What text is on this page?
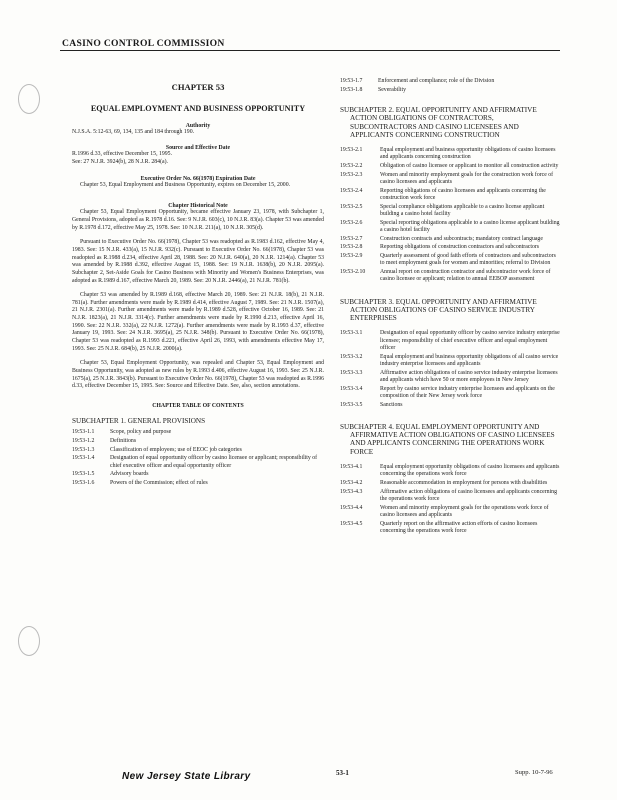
CASINO CONTROL COMMISSION
CHAPTER 53
EQUAL EMPLOYMENT AND BUSINESS OPPORTUNITY
Authority

N.J.S.A. 5:12-63, 69, 134, 135 and 184 through 190.

Source and Effective Date

R.1996 d.33, effective December 15, 1995.

See: 27 N.J.R. 3924(b), 28 N.J.R. 284(a).

Executive Order No. 66(1978) Expiration Date

Chapter 53, Equal Employment and Business Opportunity, expires on December 15, 2000.

Chapter Historical Note

Chapter 53, Equal Employment Opportunity, became effective January 23, 1978, with Subchapter 1, General Provisions, adopted as R.1978 d.16. See: 9 N.J.R. 603(c), 10 N.J.R. 83(a). Chapter 53 was amended by R.1978 d.172, effective May 25, 1978. See: 10 N.J.R. 211(a), 10 N.J.R. 305(d).

Pursuant to Executive Order No. 66(1978), Chapter 53 was readopted as R.1983 d.162, effective May 4, 1983. See: 15 N.J.R. 433(a), 15 N.J.R. 932(c). Pursuant to Executive Order No. 66(1978), Chapter 53 was readopted as R.1988 d.234, effective April 28, 1988. See: 20 N.J.R. 640(a), 20 N.J.R. 1214(a). Chapter 53 was amended by R.1988 d.392, effective August 15, 1988. See: 19 N.J.R. 1638(b), 20 N.J.R. 2095(a). Subchapter 2, Set-Aside Goals for Casino Business with Minority and Women's Business Enterprises, was adopted as R.1989 d.167, effective March 20, 1989. See: 20 N.J.R. 2446(a), 21 N.J.R. 781(b).

Chapter 53 was amended by R.1989 d.168, effective March 20, 1989. See: 21 N.J.R. 18(b), 21 N.J.R. 781(a). Further amendments were made by R.1989 d.414, effective August 7, 1989. See: 21 N.J.R. 1507(a), 21 N.J.R. 2301(a). Further amendments were made by R.1989 d.528, effective October 16, 1989. See: 21 N.J.R. 1823(a), 21 N.J.R. 3314(c). Further amendments were made by R.1990 d.213, effective April 16, 1990. See: 22 N.J.R. 332(a), 22 N.J.R. 1272(a). Further amendments were made by R.1993 d.37, effective January 19, 1993. See: 24 N.J.R. 3695(a), 25 N.J.R. 348(b). Pursuant to Executive Order No. 66(1978), Chapter 53 was readopted as R.1993 d.221, effective April 26, 1993, with amendments effective May 17, 1993. See: 25 N.J.R. 684(b), 25 N.J.R. 2000(a).

Chapter 53, Equal Employment Opportunity, was repealed and Chapter 53, Equal Employment and Business Opportunity, was adopted as new rules by R.1993 d.406, effective August 16, 1993. See: 25 N.J.R. 1675(a), 25 N.J.R. 3843(b). Pursuant to Executive Order No. 66(1978), Chapter 53 was readopted as R.1996 d.33, effective December 15, 1995. See: Source and Effective Date. See, also, section annotations.

CHAPTER TABLE OF CONTENTS
SUBCHAPTER 1. GENERAL PROVISIONS
19:53-1.1	Scope, policy and purpose
19:53-1.2	Definitions
19:53-1.3	Classification of employees; use of EEOC job categories
19:53-1.4	Designation of equal opportunity officer by casino licensee or applicant; responsibility of chief executive officer and equal opportunity officer
19:53-1.5	Advisory boards
19:53-1.6	Powers of the Commission; effect of rules
19:53-1.7	Enforcement and compliance; role of the Division
19:53-1.8	Severability
SUBCHAPTER 2. EQUAL OPPORTUNITY AND AFFIRMATIVE ACTION OBLIGATIONS OF CONTRACTORS, SUBCONTRACTORS AND CASINO LICENSEES AND APPLICANTS CONCERNING CONSTRUCTION
19:53-2.1	Equal employment and business opportunity obligations of casino licensees and applicants concerning construction
19:53-2.2	Obligation of casino licensee or applicant to monitor all construction activity
19:53-2.3	Women and minority employment goals for the construction work force of casino licensees and applicants
19:53-2.4	Reporting obligations of casino licensees and applicants concerning the construction work force
19:53-2.5	Special compliance obligations applicable to a casino license applicant building a casino hotel facility
19:53-2.6	Special reporting obligations applicable to a casino license applicant building a casino hotel facility
19:53-2.7	Construction contracts and subcontracts; mandatory contract language
19:53-2.8	Reporting obligations of construction contractors and subcontractors
19:53-2.9	Quarterly assessment of good faith efforts of contractors and subcontractors to meet employment goals for women and minorities; referral to Division
19:53-2.10	Annual report on construction contractor and subcontractor work force of casino licensee or applicant; relation to annual EEBOP assessment
SUBCHAPTER 3. EQUAL OPPORTUNITY AND AFFIRMATIVE ACTION OBLIGATIONS OF CASINO SERVICE INDUSTRY ENTERPRISES
19:53-3.1	Designation of equal opportunity officer by casino service industry enterprise licensee; responsibility of chief executive officer and equal employment officer
19:53-3.2	Equal employment and business opportunity obligations of all casino service industry enterprise licensees and applicants
19:53-3.3	Affirmative action obligations of casino service industry enterprise licensees and applicants which have 50 or more employees in New Jersey
19:53-3.4	Report by casino service industry enterprise licensees and applicants on the composition of their New Jersey work force
19:53-3.5	Sanctions
SUBCHAPTER 4. EQUAL EMPLOYMENT OPPORTUNITY AND AFFIRMATIVE ACTION OBLIGATIONS OF CASINO LICENSEES AND APPLICANTS CONCERNING THE OPERATIONS WORK FORCE
19:53-4.1	Equal employment opportunity obligations of casino licensees and applicants concerning the operations work force
19:53-4.2	Reasonable accommodation in employment for persons with disabilities
19:53-4.3	Affirmative action obligations of casino licensees and applicants concerning the operations work force
19:53-4.4	Women and minority employment goals for the operations work force of casino licensees and applicants
19:53-4.5	Quarterly report on the affirmative action efforts of casino licensees concerning the operations work force
New Jersey State Library	53-1	Supp. 10-7-96
